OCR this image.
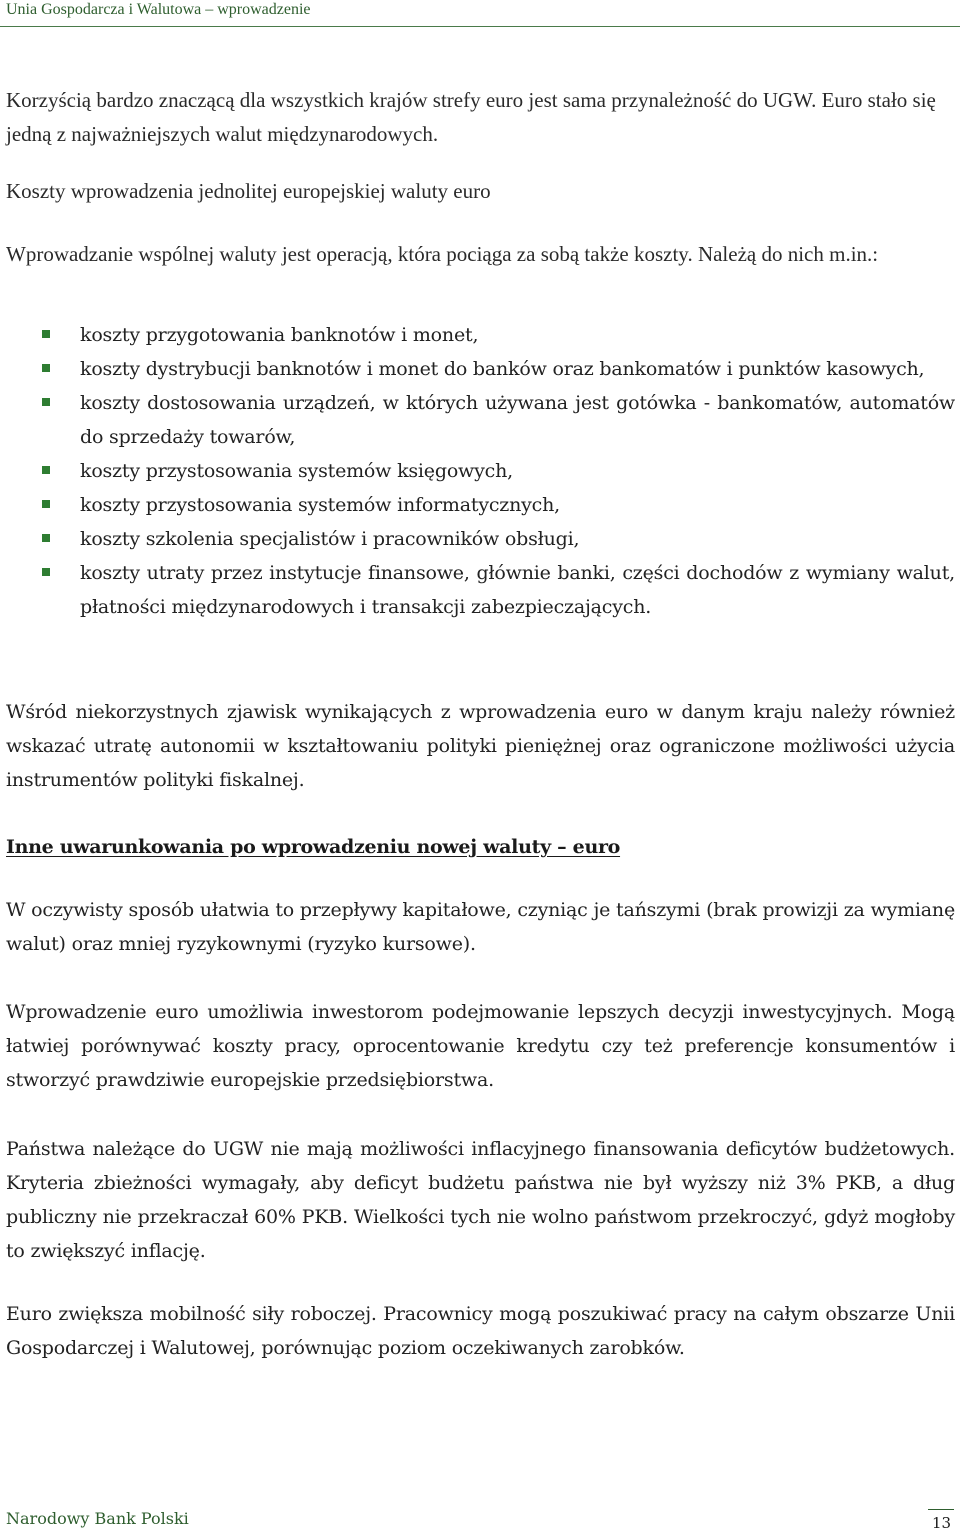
Unia Gospodarcza i Walutowa – wprowadzenie

Korzyścią bardzo znaczącą dla wszystkich krajów strefy euro jest sama przynależność do UGW. Euro stało się jedną z najważniejszych walut międzynarodowych.

Koszty wprowadzenia jednolitej europejskiej waluty euro

Wprowadzanie wspólnej waluty jest operacją, która pociąga za sobą także koszty. Należą do nich m.in.:

koszty przygotowania banknotów i monet,
koszty dystrybucji banknotów i monet do banków oraz bankomatów i punktów kasowych,
koszty dostosowania urządzeń, w których używana jest gotówka - bankomatów, automatów do sprzedaży towarów,
koszty przystosowania systemów księgowych,
koszty przystosowania systemów informatycznych,
koszty szkolenia specjalistów i pracowników obsługi,
koszty utraty przez instytucje finansowe, głównie banki, części dochodów z wymiany walut, płatności międzynarodowych i transakcji zabezpieczających.

Wśród niekorzystnych zjawisk wynikających z wprowadzenia euro w danym kraju należy również wskazać utratę autonomii w kształtowaniu polityki pieniężnej oraz ograniczone możliwości użycia instrumentów polityki fiskalnej.

Inne uwarunkowania po wprowadzeniu nowej waluty – euro

W oczywisty sposób ułatwia to przepływy kapitałowe, czyniąc je tańszymi (brak prowizji za wymianę walut) oraz mniej ryzykownymi (ryzyko kursowe).

Wprowadzenie euro umożliwia inwestorom podejmowanie lepszych decyzji inwestycyjnych. Mogą łatwiej porównywać koszty pracy, oprocentowanie kredytu czy też preferencje konsumentów i stworzyć prawdziwie europejskie przedsiębiorstwa.

Państwa należące do UGW nie mają możliwości inflacyjnego finansowania deficytów budżetowych. Kryteria zbieżności wymagały, aby deficyt budżetu państwa nie był wyższy niż 3% PKB, a dług publiczny nie przekraczał 60% PKB. Wielkości tych nie wolno państwom przekroczyć, gdyż mogłoby to zwiększyć inflację.

Euro zwiększa mobilność siły roboczej. Pracownicy mogą poszukiwać pracy na całym obszarze Unii Gospodarczej i Walutowej, porównując poziom oczekiwanych zarobków.

Narodowy Bank Polski	13
